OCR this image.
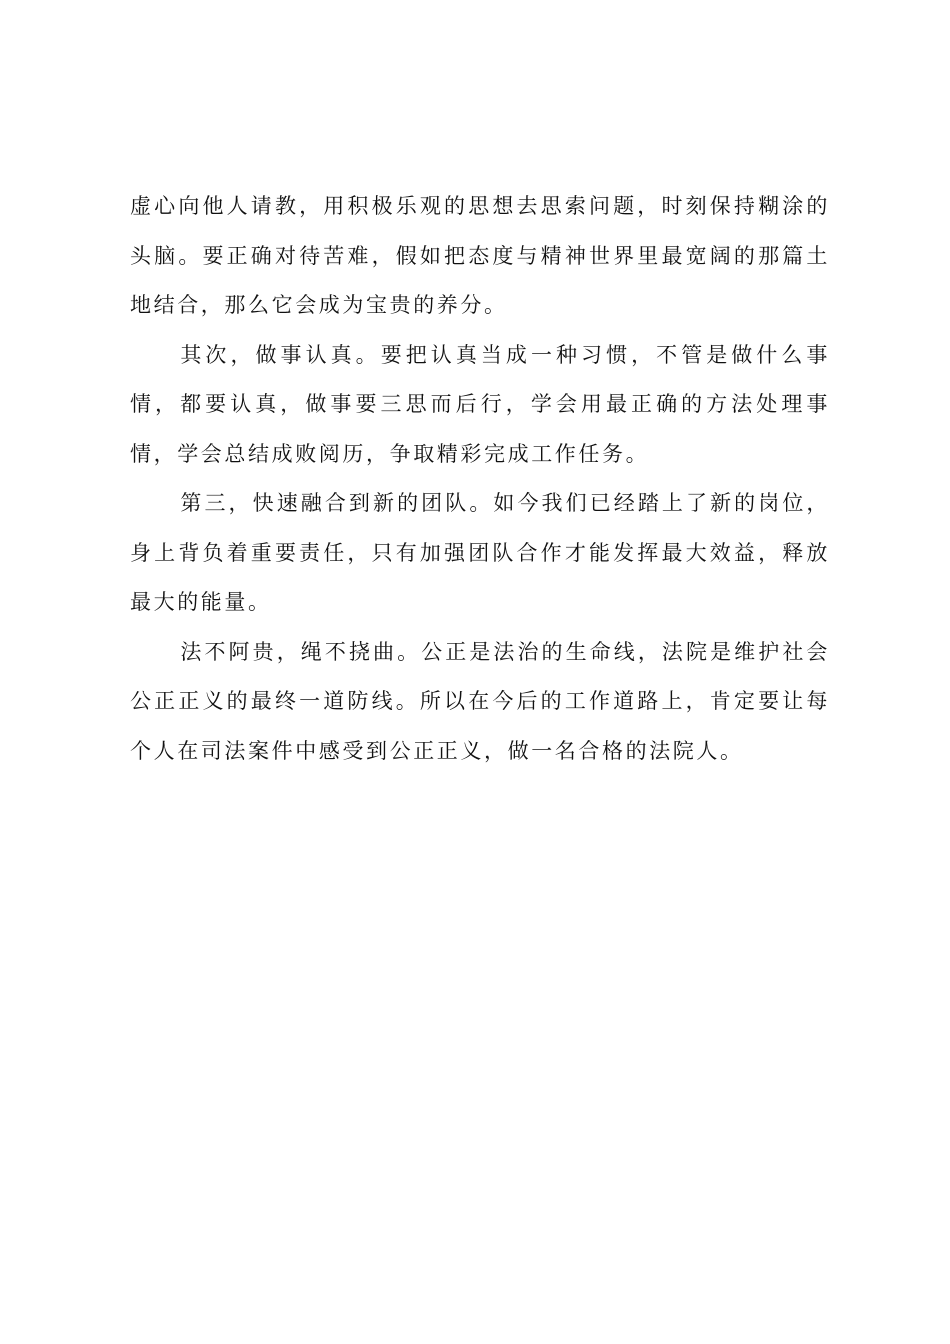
虚心向他人请教，用积极乐观的思想去思索问题，时刻保持糊涂的头脑。要正确对待苦难，假如把态度与精神世界里最宽阔的那篇土地结合，那么它会成为宝贵的养分。

其次，做事认真。要把认真当成一种习惯，不管是做什么事情，都要认真，做事要三思而后行，学会用最正确的方法处理事情，学会总结成败阅历，争取精彩完成工作任务。

第三，快速融合到新的团队。如今我们已经踏上了新的岗位，身上背负着重要责任，只有加强团队合作才能发挥最大效益，释放最大的能量。

法不阿贵，绳不挠曲。公正是法治的生命线，法院是维护社会公正正义的最终一道防线。所以在今后的工作道路上，肯定要让每个人在司法案件中感受到公正正义，做一名合格的法院人。
